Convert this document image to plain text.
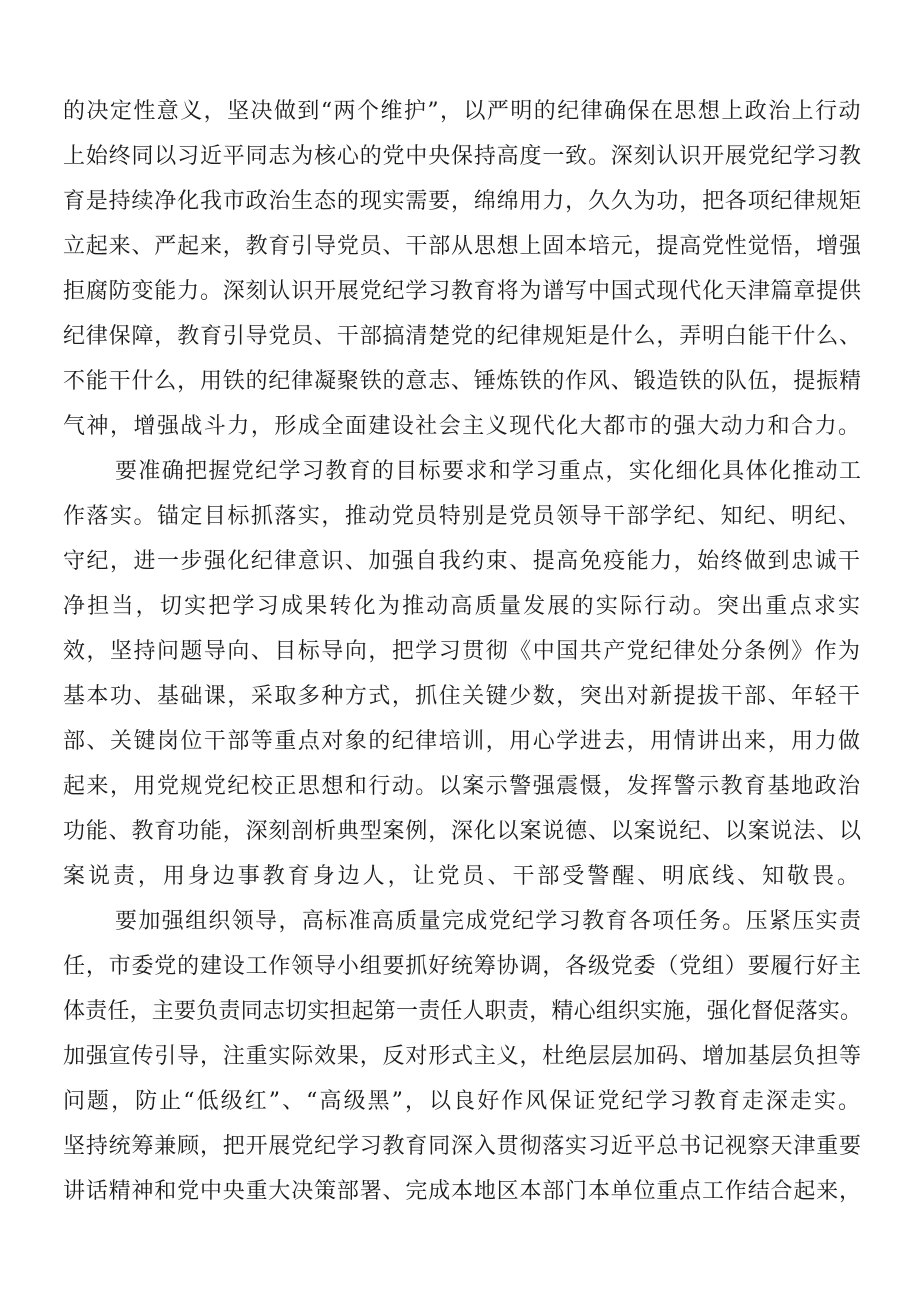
的决定性意义，坚决做到“两个维护”，以严明的纪律确保在思想上政治上行动
上始终同以习近平同志为核心的党中央保持高度一致。深刻认识开展党纪学习教
育是持续净化我市政治生态的现实需要，绵绵用力，久久为功，把各项纪律规矩
立起来、严起来，教育引导党员、干部从思想上固本培元，提高党性觉悟，增强
拒腐防变能力。深刻认识开展党纪学习教育将为谱写中国式现代化天津篇章提供
纪律保障，教育引导党员、干部搞清楚党的纪律规矩是什么，弄明白能干什么、
不能干什么，用铁的纪律凝聚铁的意志、锤炼铁的作风、锻造铁的队伍，提振精
气神，增强战斗力，形成全面建设社会主义现代化大都市的强大动力和合力。
要准确把握党纪学习教育的目标要求和学习重点，实化细化具体化推动工
作落实。锚定目标抓落实，推动党员特别是党员领导干部学纪、知纪、明纪、
守纪，进一步强化纪律意识、加强自我约束、提高免疫能力，始终做到忠诚干
净担当，切实把学习成果转化为推动高质量发展的实际行动。突出重点求实
效，坚持问题导向、目标导向，把学习贯彻《中国共产党纪律处分条例》作为
基本功、基础课，采取多种方式，抓住关键少数，突出对新提拔干部、年轻干
部、关键岗位干部等重点对象的纪律培训，用心学进去，用情讲出来，用力做
起来，用党规党纪校正思想和行动。以案示警强震慑，发挥警示教育基地政治
功能、教育功能，深刻剖析典型案例，深化以案说德、以案说纪、以案说法、以
案说责，用身边事教育身边人，让党员、干部受警醒、明底线、知敬畏。
要加强组织领导，高标准高质量完成党纪学习教育各项任务。压紧压实责
任，市委党的建设工作领导小组要抓好统筹协调，各级党委（党组）要履行好主
体责任，主要负责同志切实担起第一责任人职责，精心组织实施，强化督促落实。
加强宣传引导，注重实际效果，反对形式主义，杜绝层层加码、增加基层负担等
问题，防止“低级红”、“高级黑”，以良好作风保证党纪学习教育走深走实。
坚持统筹兼顾，把开展党纪学习教育同深入贯彻落实习近平总书记视察天津重要
讲话精神和党中央重大决策部署、完成本地区本部门本单位重点工作结合起来，
